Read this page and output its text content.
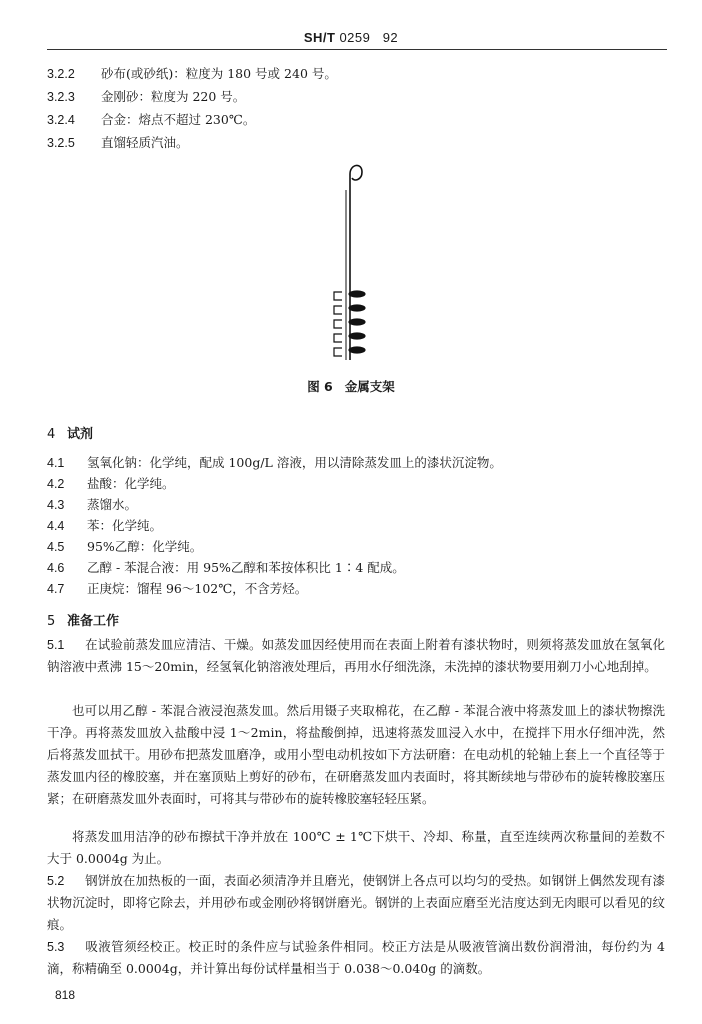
SH/T 0259 92
3.2.2 砂布(或砂纸)：粒度为 180 号或 240 号。
3.2.3 金刚砂：粒度为 220 号。
3.2.4 合金：熔点不超过 230℃。
3.2.5 直馏轻质汽油。
图 6 金属支架
4 试剂
4.1 氢氧化钠：化学纯，配成 100g/L 溶液，用以清除蒸发皿上的漆状沉淀物。
4.2 盐酸：化学纯。
4.3 蒸馏水。
4.4 苯：化学纯。
4.5 95%乙醇：化学纯。
4.6 乙醇 - 苯混合液：用 95%乙醇和苯按体积比 1∶4 配成。
4.7 正庚烷：馏程 96～102℃，不含芳烃。
5 准备工作
5.1 在试验前蒸发皿应清洁、干燥。如蒸发皿因经使用而在表面上附着有漆状物时，则须将蒸发皿放在氢氧化钠溶液中煮沸 15～20min，经氢氧化钠溶液处理后，再用水仔细洗涤，未洗掉的漆状物要用剃刀小心地刮掉。
也可以用乙醇 - 苯混合液浸泡蒸发皿。然后用镊子夹取棉花，在乙醇 - 苯混合液中将蒸发皿上的漆状物擦洗干净。再将蒸发皿放入盐酸中浸 1～2min，将盐酸倒掉，迅速将蒸发皿浸入水中，在搅拌下用水仔细冲洗，然后将蒸发皿拭干。用砂布把蒸发皿磨净，或用小型电动机按如下方法研磨：在电动机的轮轴上套上一个直径等于蒸发皿内径的橡胶塞，并在塞顶贴上剪好的砂布，在研磨蒸发皿内表面时，将其断续地与带砂布的旋转橡胶塞压紧；在研磨蒸发皿外表面时，可将其与带砂布的旋转橡胶塞轻轻压紧。
将蒸发皿用洁净的砂布擦拭干净并放在 100℃ ± 1℃下烘干、冷却、称量，直至连续两次称量间的差数不大于 0.0004g 为止。
5.2 钢饼放在加热板的一面，表面必须清净并且磨光，使钢饼上各点可以均匀的受热。如钢饼上偶然发现有漆状物沉淀时，即将它除去，并用砂布或金刚砂将钢饼磨光。钢饼的上表面应磨至光洁度达到无肉眼可以看见的纹痕。
5.3 吸液管须经校正。校正时的条件应与试验条件相同。校正方法是从吸液管滴出数份润滑油，每份约为 4 滴，称精确至 0.0004g，并计算出每份试样量相当于 0.038～0.040g 的滴数。
818
